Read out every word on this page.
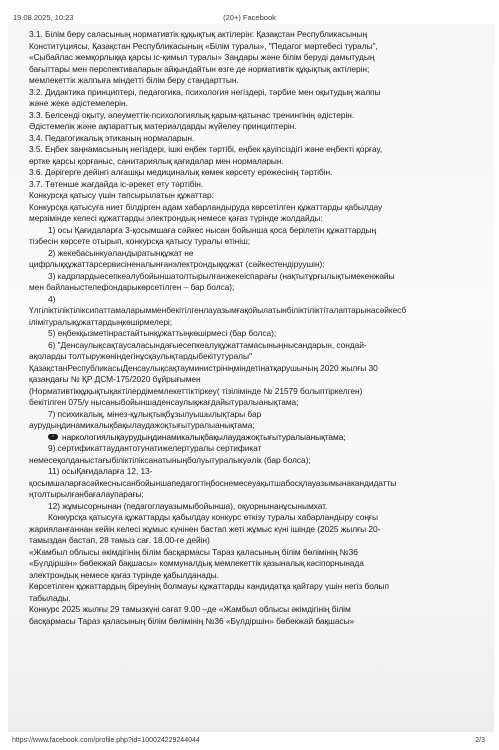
19.08.2025, 10:23	(20+) Facebook
3.1. Білім беру саласының нормативтік құқықтық актілерін: Қазақстан Республикасының
Конституциясы, Қазақстан Республикасының «Білім туралы», "Педагог мәртебесі туралы",
«Сыбайлас жемқорлыққа қарсы іс-қимыл туралы» Заңдары және білім беруді дамытудың
бағыттары мен перспективаларын айқындайтын өзге де нормативтік құқықтық актілерін;
мемлекеттік жалпыға міндетті білім беру стандарттын.
3.2. Дидактика принциптері, педагогика, психология негіздері, тәрбие мен оқытудың жалпы
және жеке әдістемелерін.
3.3. Белсенді оқыту, әлеуметтік-психологиялық қарым-қатынас тренингінің әдістерін.
Әдістемелік және ақпараттық материалдарды жүйелеу принциптерін.
3.4. Педагогикалық этиканың нормаларын.
3.5. Еңбек заңнамасының негіздері, ішкі еңбек тәртібі, еңбек қауіпсіздігі және еңбекті қорғау,
өртке қарсы қорғаныс, санитариялық қағидалар мен нормаларын.
3.6. Дәрігерге дейінгі алғашқы медициналық көмек көрсету ережесінің тәртібін.
3.7. Төтенше жағдайда іс-әрекет ету тәртібін.
Конкурсқа қатысу үшін тапсырылатын құжаттар:
Конкурсқа қатысуға ниет білдірген адам хабарландыруда көрсетілген құжаттарды қабылдау
мерзімінде келесі құжаттарды электрондық немесе қағаз түрінде жолдайды:
1) осы Қағидаларға 3-қосымшаға сәйкес нысан бойынша қоса берілетін құжаттардың
тізбесін көрсете отырып, конкурсқа қатысу туралы өтініш;
2) жекебасынкуәландыратынқұжат не
цифрлыққұжаттарсервисіненалынғанэлектрондыққұжат (сәйкестендіруушін);
3) кадрлардыесепкеалубойыншатолтырылғанжекеіспарағы (нақтытұрғылықтымекенжайы
мен байланыстелефондарыкөрсетілген – бар болса);
4)
Үлгіліктіліктіліксипаттамаларымменбекітілгенлауазымғақойылатынбіліктіліктіталаптарынасәйкесб
ілімітуралықұжаттардыңкөшірмелері;
5) еңбекқызметінрастайтынқұжаттыңкөшірмесі (бар болса);
6) "Денсаулықсақтаусаласындағыесепкеалуқұжаттамасыныңнысандарын, сондай-
ақоларды толтыружөніндегінұсқаулықтардыбекітутуралы"
ҚазақстанРеспубликасыДенсаулықсақтауминистрініңміндетінатқарушының 2020 жылғы 30
қазандағы № ҚР ДСМ-175/2020 бұйрығымен
(Нормативтікқұқықтықактілердімемлекеттіктіркеу( тізілімінде № 21579 болыптіркелген)
бекітілген 075/у нысаныбойыншаденсаулықжағдайытуралыанықтама;
7) психикалық, мінез-құлықтықбұзылуышылықтары бар
аурудыңдинамикалықбақылаудажоқтығытуралыанықтама;
наркологиялықаурудыңдинамикалықбақылаудажоқтығытуралыанықтама;
9) сертификаттаудантотунатижелертуралы сертификат
немесеқолданыстағыбіліктіліксанатыныңболуытуралыкуәлік (бар болса);
11) осыҚағидаларға 12, 13-
қосымшаларғасәйкеснысанбойыншапедагогтіңбоснемесеуақытшабосқлауазымынакандидатты
ңтолтырылғанбағалаупарағы;
12) жұмысорнынан (педагоглауазымыбойынша), оқуорнынанұсынымхат.
Конкурсқа қатысуға құжаттарды қабылдау конкурс өткізу туралы хабарландыру соңғы
жарияланғаннан кейін келесі жұмыс күнінен бастап жеті жұмыс күні ішінде (2025 жылғы 20-
тамыздан бастап, 28 тамыз сағ. 18.00-ге дейін)
«Жамбыл облысы әкімдігінің білім басқармасы Тараз қаласының білім бөлімінің №36
«Бүлдіршін» бөбекжай бақшасы» коммуналдық мемлекеттік қазыналық кәсіпорнынада
электрондық немесе қағаз түрінде қабылданады.
Көрсетілген құжаттардың біреуінің болмауы құжаттарды кандидатқа қайтару үшін негіз болып
табылады.
Конкурс 2025 жылғы 29 тамызкүні сағат 9.00 –де «Жамбыл облысы әкімдігінің білім
басқармасы Тараз қаласының білім бөлімінің №36 «Бүлдіршін» бөбекжай бақшасы»
https://www.facebook.com/profile.php?id=100024229244044	2/3
